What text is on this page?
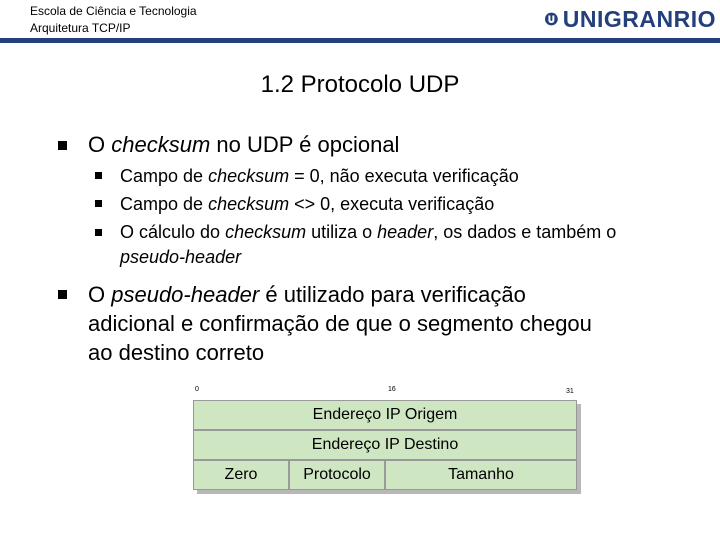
Escola de Ciência e Tecnologia
Arquitetura TCP/IP	UNIGRANRIO
1.2 Protocolo UDP
O checksum no UDP é opcional
Campo de checksum = 0, não executa verificação
Campo de checksum <> 0, executa verificação
O cálculo do checksum utiliza o header, os dados e também o
pseudo-header
O pseudo-header é utilizado para verificação
adicional e confirmação de que o segmento chegou
ao destino correto
0	16	31
Endereço IP Origem
Endereço IP Destino
Zero	Protocolo	Tamanho
